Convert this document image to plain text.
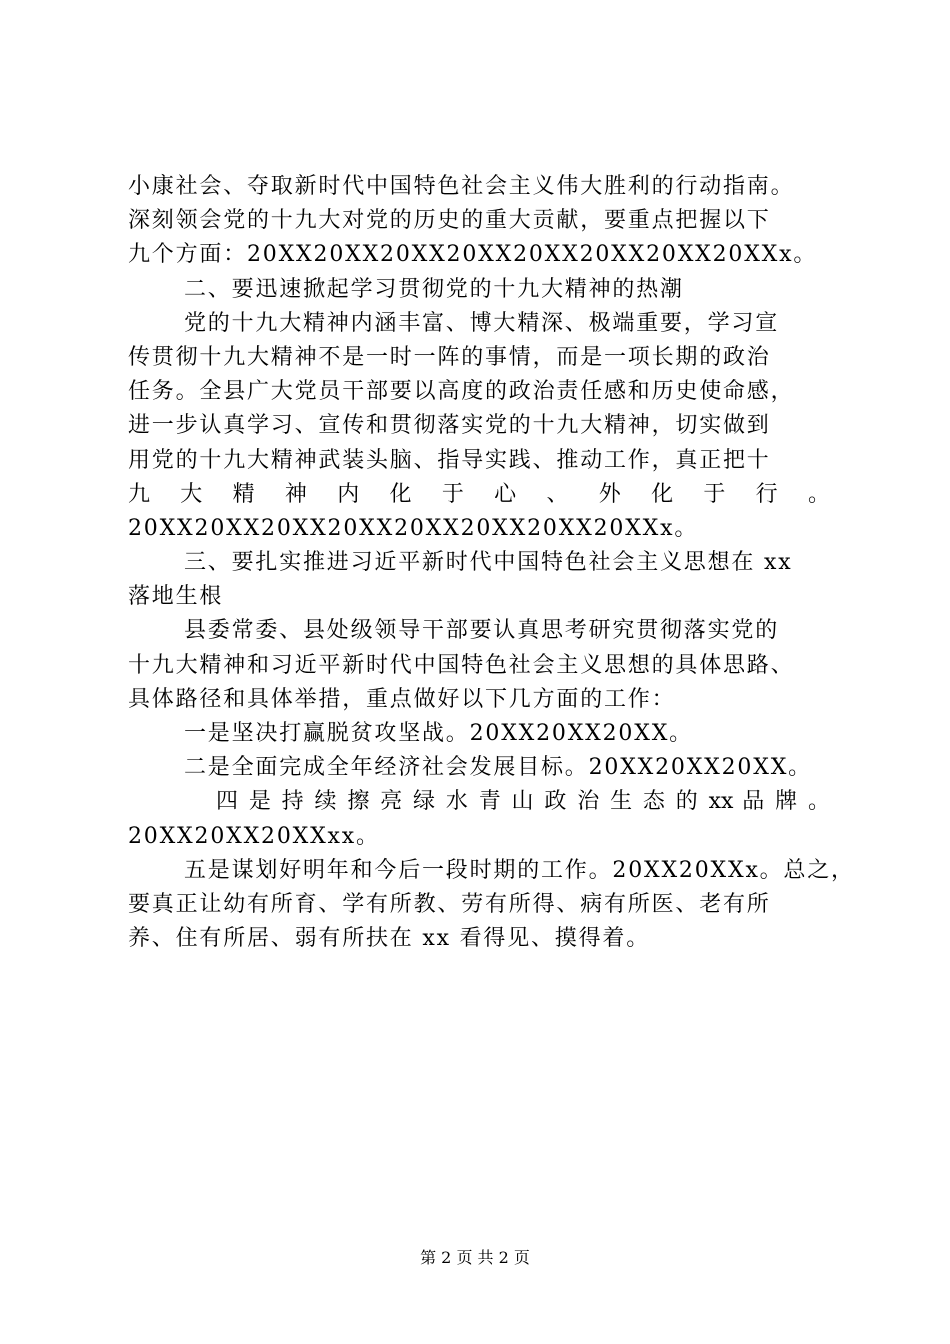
小康社会、夺取新时代中国特色社会主义伟大胜利的行动指南。
深刻领会党的十九大对党的历史的重大贡献，要重点把握以下
九个方面：20XX20XX20XX20XX20XX20XX20XX20XXx。
二、要迅速掀起学习贯彻党的十九大精神的热潮
党的十九大精神内涵丰富、博大精深、极端重要，学习宣
传贯彻十九大精神不是一时一阵的事情，而是一项长期的政治
任务。全县广大党员干部要以高度的政治责任感和历史使命感，
进一步认真学习、宣传和贯彻落实党的十九大精神，切实做到
用党的十九大精神武装头脑、指导实践、推动工作，真正把十
九 大 精 神 内 化 于 心 、 外 化 于 行 。
20XX20XX20XX20XX20XX20XX20XX20XXx。
三、要扎实推进习近平新时代中国特色社会主义思想在 xx
落地生根
县委常委、县处级领导干部要认真思考研究贯彻落实党的
十九大精神和习近平新时代中国特色社会主义思想的具体思路、
具体路径和具体举措，重点做好以下几方面的工作：
一是坚决打赢脱贫攻坚战。20XX20XX20XX。
二是全面完成全年经济社会发展目标。20XX20XX20XX。
四 是 持 续 擦 亮 绿 水 青 山 政 治 生 态 的 xx 品 牌 。
20XX20XX20XXxx。
五是谋划好明年和今后一段时期的工作。20XX20XXx。总之，
要真正让幼有所育、学有所教、劳有所得、病有所医、老有所
养、住有所居、弱有所扶在 xx 看得见、摸得着。
第 2 页 共 2 页
